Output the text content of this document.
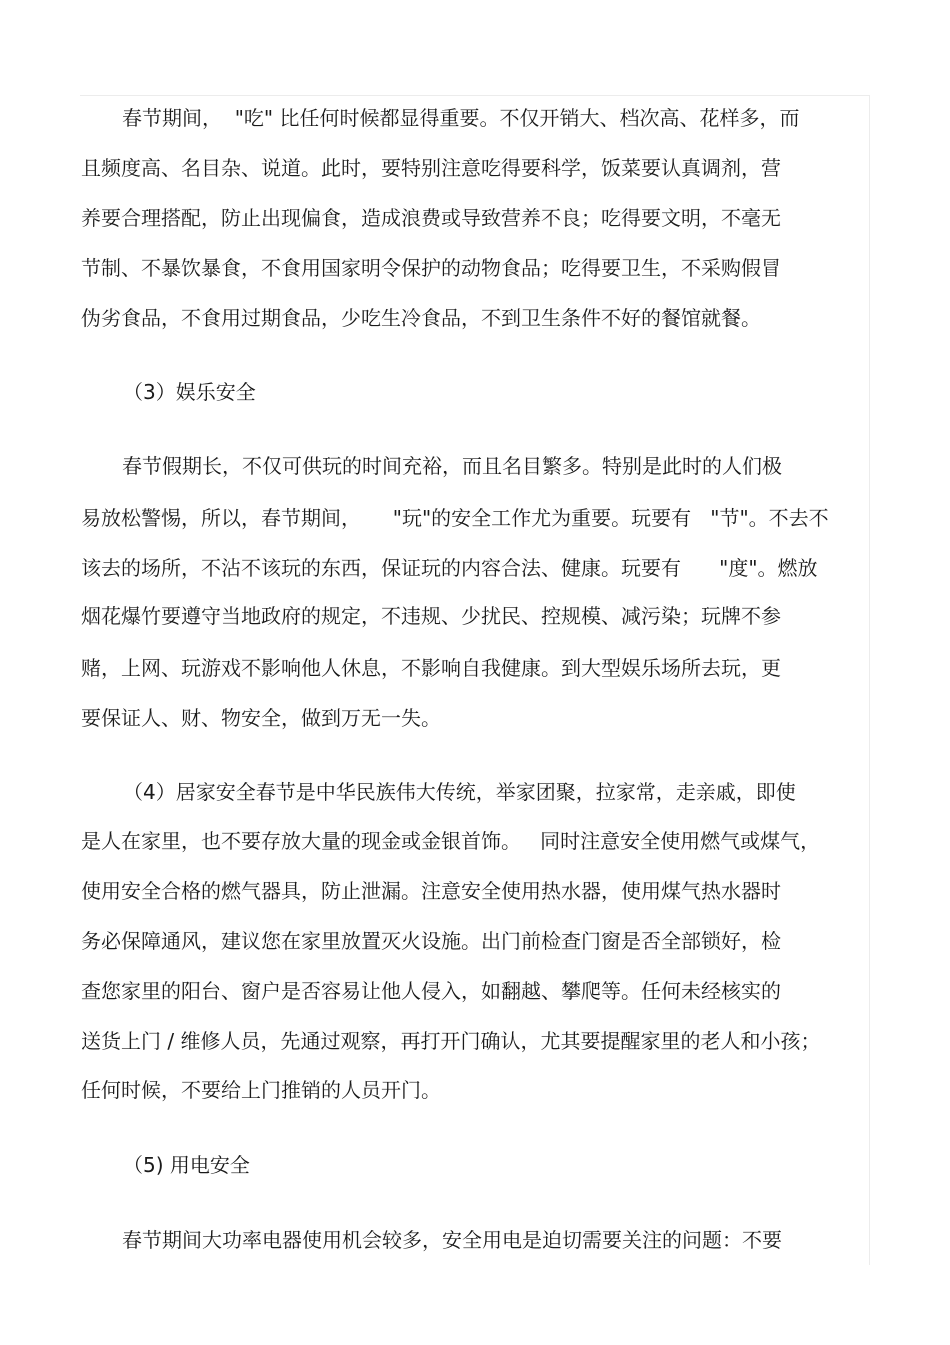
春节期间，  "吃" 比任何时候都显得重要。不仅开销大、档次高、花样多，而
且频度高、名目杂、说道。此时，要特别注意吃得要科学，饭菜要认真调剂，营
养要合理搭配，防止出现偏食，造成浪费或导致营养不良；吃得要文明，不毫无
节制、不暴饮暴食，不食用国家明令保护的动物食品；吃得要卫生，不采购假冒
伪劣食品，不食用过期食品，少吃生冷食品，不到卫生条件不好的餐馆就餐。
（3）娱乐安全
春节假期长，不仅可供玩的时间充裕，而且名目繁多。特别是此时的人们极
易放松警惕，所以，春节期间，     "玩"的安全工作尤为重要。玩要有   "节"。不去不
该去的场所，不沾不该玩的东西，保证玩的内容合法、健康。玩要有      "度"。燃放
烟花爆竹要遵守当地政府的规定，不违规、少扰民、控规模、减污染；玩牌不参
赌，上网、玩游戏不影响他人休息，不影响自我健康。到大型娱乐场所去玩，更
要保证人、财、物安全，做到万无一失。
（4）居家安全春节是中华民族伟大传统，举家团聚，拉家常，走亲戚，即使
是人在家里，也不要存放大量的现金或金银首饰。   同时注意安全使用燃气或煤气，
使用安全合格的燃气器具，防止泄漏。注意安全使用热水器，使用煤气热水器时
务必保障通风，建议您在家里放置灭火设施。出门前检查门窗是否全部锁好，检
查您家里的阳台、窗户是否容易让他人侵入，如翻越、攀爬等。任何未经核实的
送货上门 / 维修人员，先通过观察，再打开门确认，尤其要提醒家里的老人和小孩；
任何时候，不要给上门推销的人员开门。
（5) 用电安全
春节期间大功率电器使用机会较多，安全用电是迫切需要关注的问题：不要
